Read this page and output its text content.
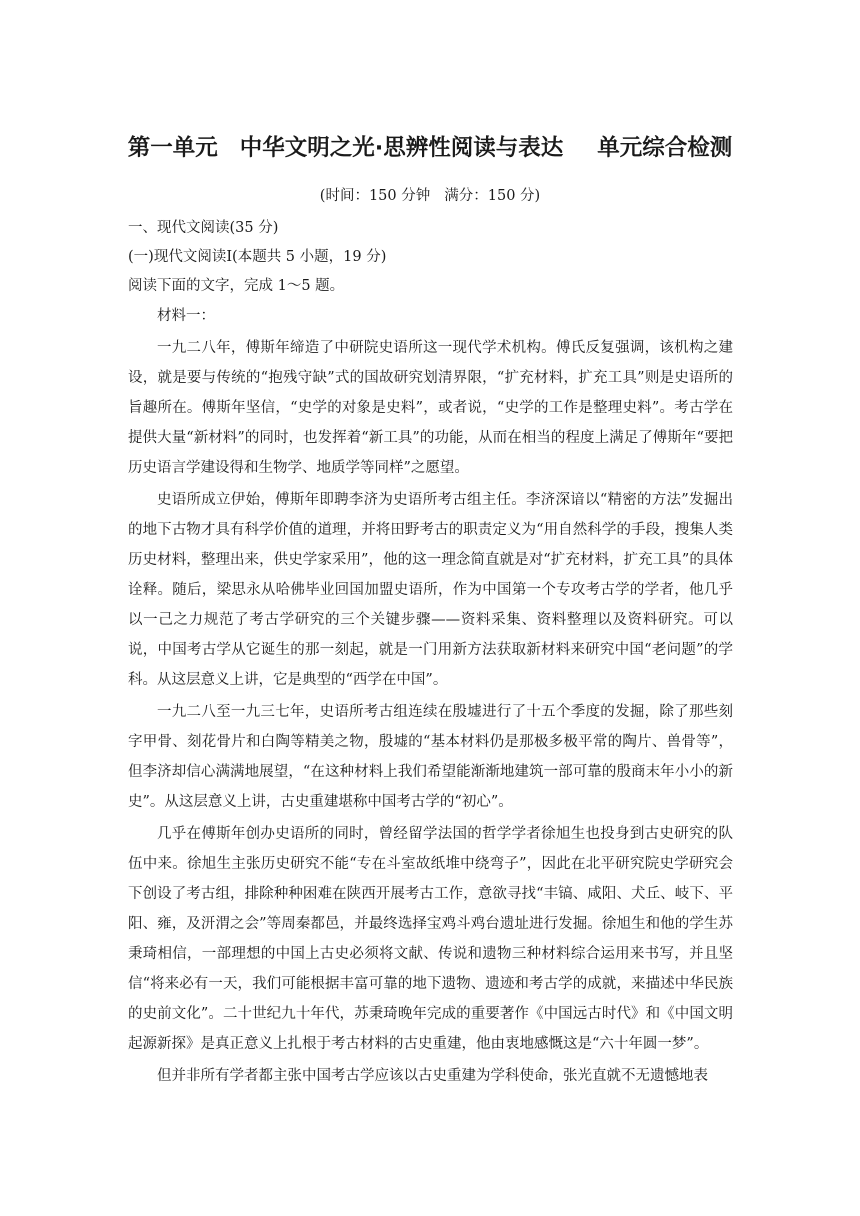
第一单元 中华文明之光·思辨性阅读与表达 单元综合检测
(时间：150 分钟 满分：150 分)
一、现代文阅读(35 分)
(一)现代文阅读Ⅰ(本题共 5 小题，19 分)
阅读下面的文字，完成 1～5 题。
材料一：

一九二八年，傅斯年缔造了中研院史语所这一现代学术机构。傅氏反复强调，该机构之建设，就是要与传统的“抱残守缺”式的国故研究划清界限，“扩充材料，扩充工具”则是史语所的旨趣所在。傅斯年坚信，“史学的对象是史料”，或者说，“史学的工作是整理史料”。考古学在提供大量“新材料”的同时，也发挥着“新工具”的功能，从而在相当的程度上满足了傅斯年“要把历史语言学建设得和生物学、地质学等同样”之愿望。

史语所成立伊始，傅斯年即聘李济为史语所考古组主任。李济深谙以“精密的方法”发掘出的地下古物才具有科学价值的道理，并将田野考古的职责定义为“用自然科学的手段，搜集人类历史材料，整理出来，供史学家采用”，他的这一理念简直就是对“扩充材料，扩充工具”的具体诠释。随后，梁思永从哈佛毕业回国加盟史语所，作为中国第一个专攻考古学的学者，他几乎以一己之力规范了考古学研究的三个关键步骤——资料采集、资料整理以及资料研究。可以说，中国考古学从它诞生的那一刻起，就是一门用新方法获取新材料来研究中国“老问题”的学科。从这层意义上讲，它是典型的“西学在中国”。

一九二八至一九三七年，史语所考古组连续在殷墟进行了十五个季度的发掘，除了那些刻字甲骨、刻花骨片和白陶等精美之物，殷墟的“基本材料仍是那极多极平常的陶片、兽骨等”，但李济却信心满满地展望，“在这种材料上我们希望能渐渐地建筑一部可靠的殷商末年小小的新史”。从这层意义上讲，古史重建堪称中国考古学的“初心”。

几乎在傅斯年创办史语所的同时，曾经留学法国的哲学学者徐旭生也投身到古史研究的队伍中来。徐旭生主张历史研究不能“专在斗室故纸堆中绕弯子”，因此在北平研究院史学研究会下创设了考古组，排除种种困难在陕西开展考古工作，意欲寻找“丰镐、咸阳、犬丘、岐下、平阳、雍，及汧渭之会”等周秦都邑，并最终选择宝鸡斗鸡台遗址进行发掘。徐旭生和他的学生苏秉琦相信，一部理想的中国上古史必须将文献、传说和遗物三种材料综合运用来书写，并且坚信“将来必有一天，我们可能根据丰富可靠的地下遗物、遗迹和考古学的成就，来描述中华民族的史前文化”。二十世纪九十年代，苏秉琦晚年完成的重要著作《中国远古时代》和《中国文明起源新探》是真正意义上扎根于考古材料的古史重建，他由衷地感慨这是“六十年圆一梦”。

但并非所有学者都主张中国考古学应该以古史重建为学科使命，张光直就不无遗憾地表
